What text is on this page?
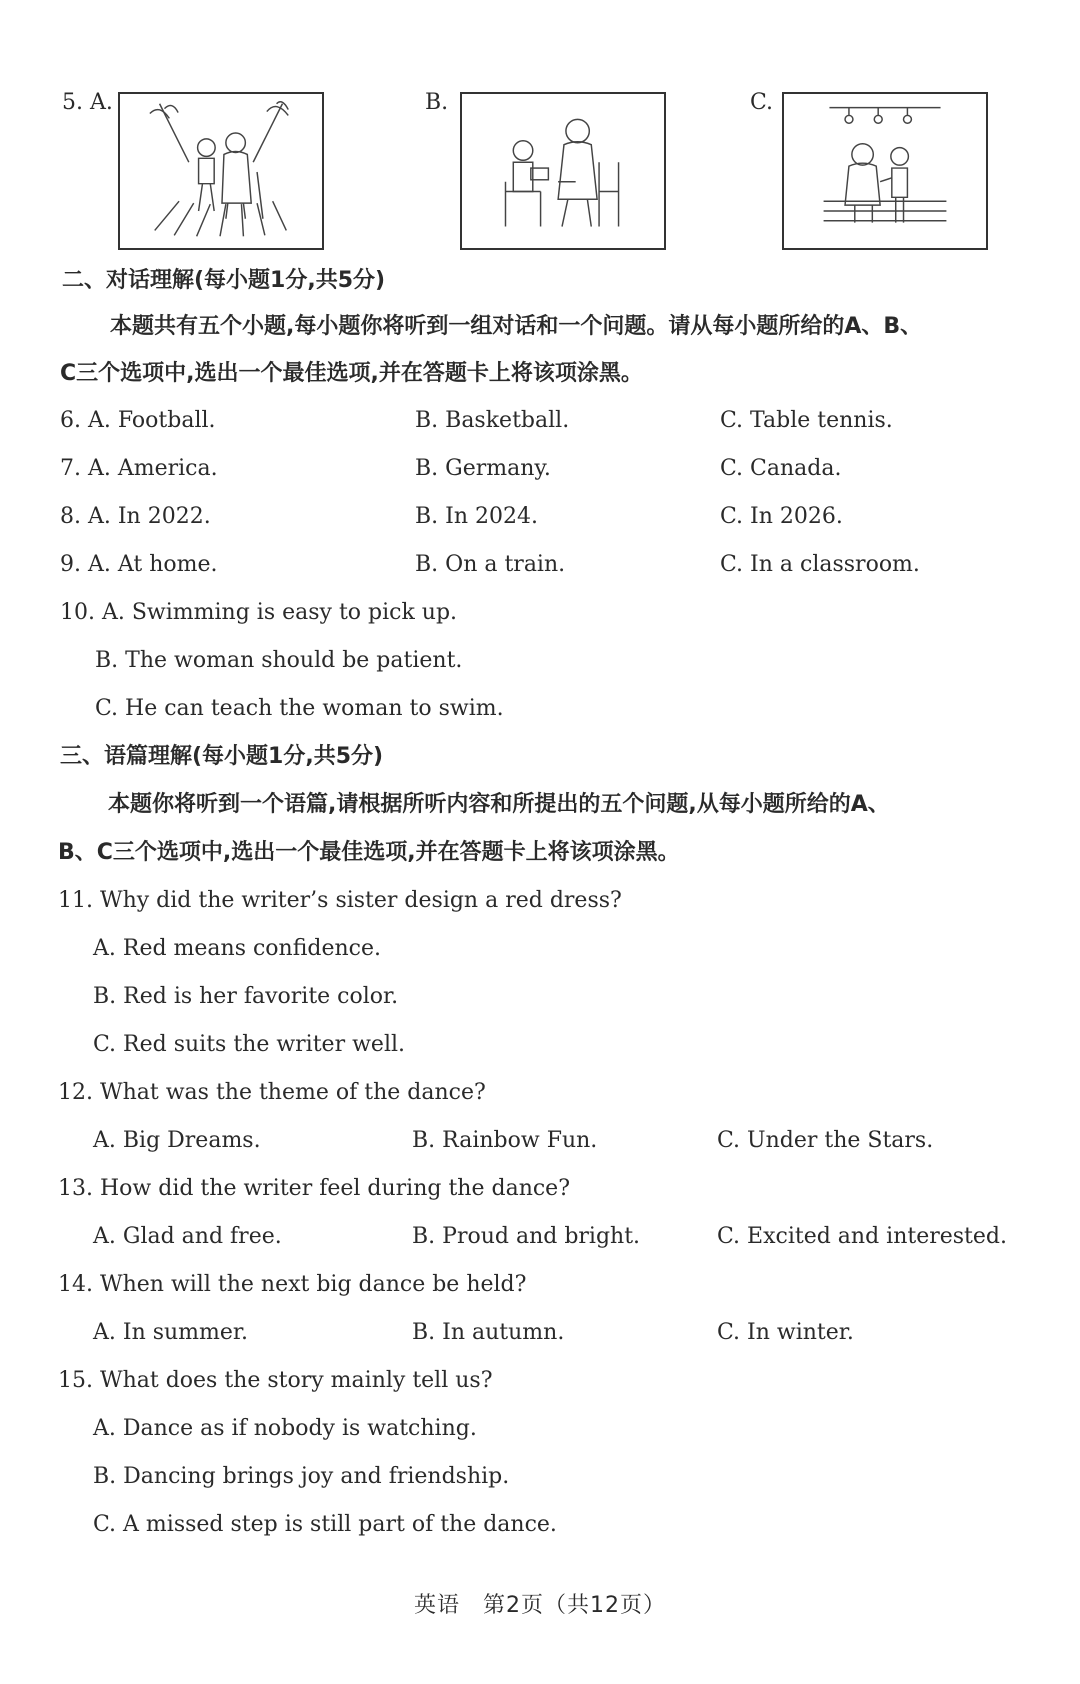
5. A.	B.	C.
二、对话理解(每小题1分,共5分)
本题共有五个小题,每小题你将听到一组对话和一个问题。请从每小题所给的A、B、
C三个选项中,选出一个最佳选项,并在答题卡上将该项涂黑。
6. A. Football.	B. Basketball.	C. Table tennis.
7. A. America.	B. Germany.	C. Canada.
8. A. In 2022.	B. In 2024.	C. In 2026.
9. A. At home.	B. On a train.	C. In a classroom.
10. A. Swimming is easy to pick up.
B. The woman should be patient.
C. He can teach the woman to swim.
三、语篇理解(每小题1分,共5分)
本题你将听到一个语篇,请根据所听内容和所提出的五个问题,从每小题所给的A、
B、C三个选项中,选出一个最佳选项,并在答题卡上将该项涂黑。
11. Why did the writer’s sister design a red dress?
A. Red means confidence.
B. Red is her favorite color.
C. Red suits the writer well.
12. What was the theme of the dance?
A. Big Dreams.	B. Rainbow Fun.	C. Under the Stars.
13. How did the writer feel during the dance?
A. Glad and free.	B. Proud and bright.	C. Excited and interested.
14. When will the next big dance be held?
A. In summer.	B. In autumn.	C. In winter.
15. What does the story mainly tell us?
A. Dance as if nobody is watching.
B. Dancing brings joy and friendship.
C. A missed step is still part of the dance.
英语　第2页（共12页）
